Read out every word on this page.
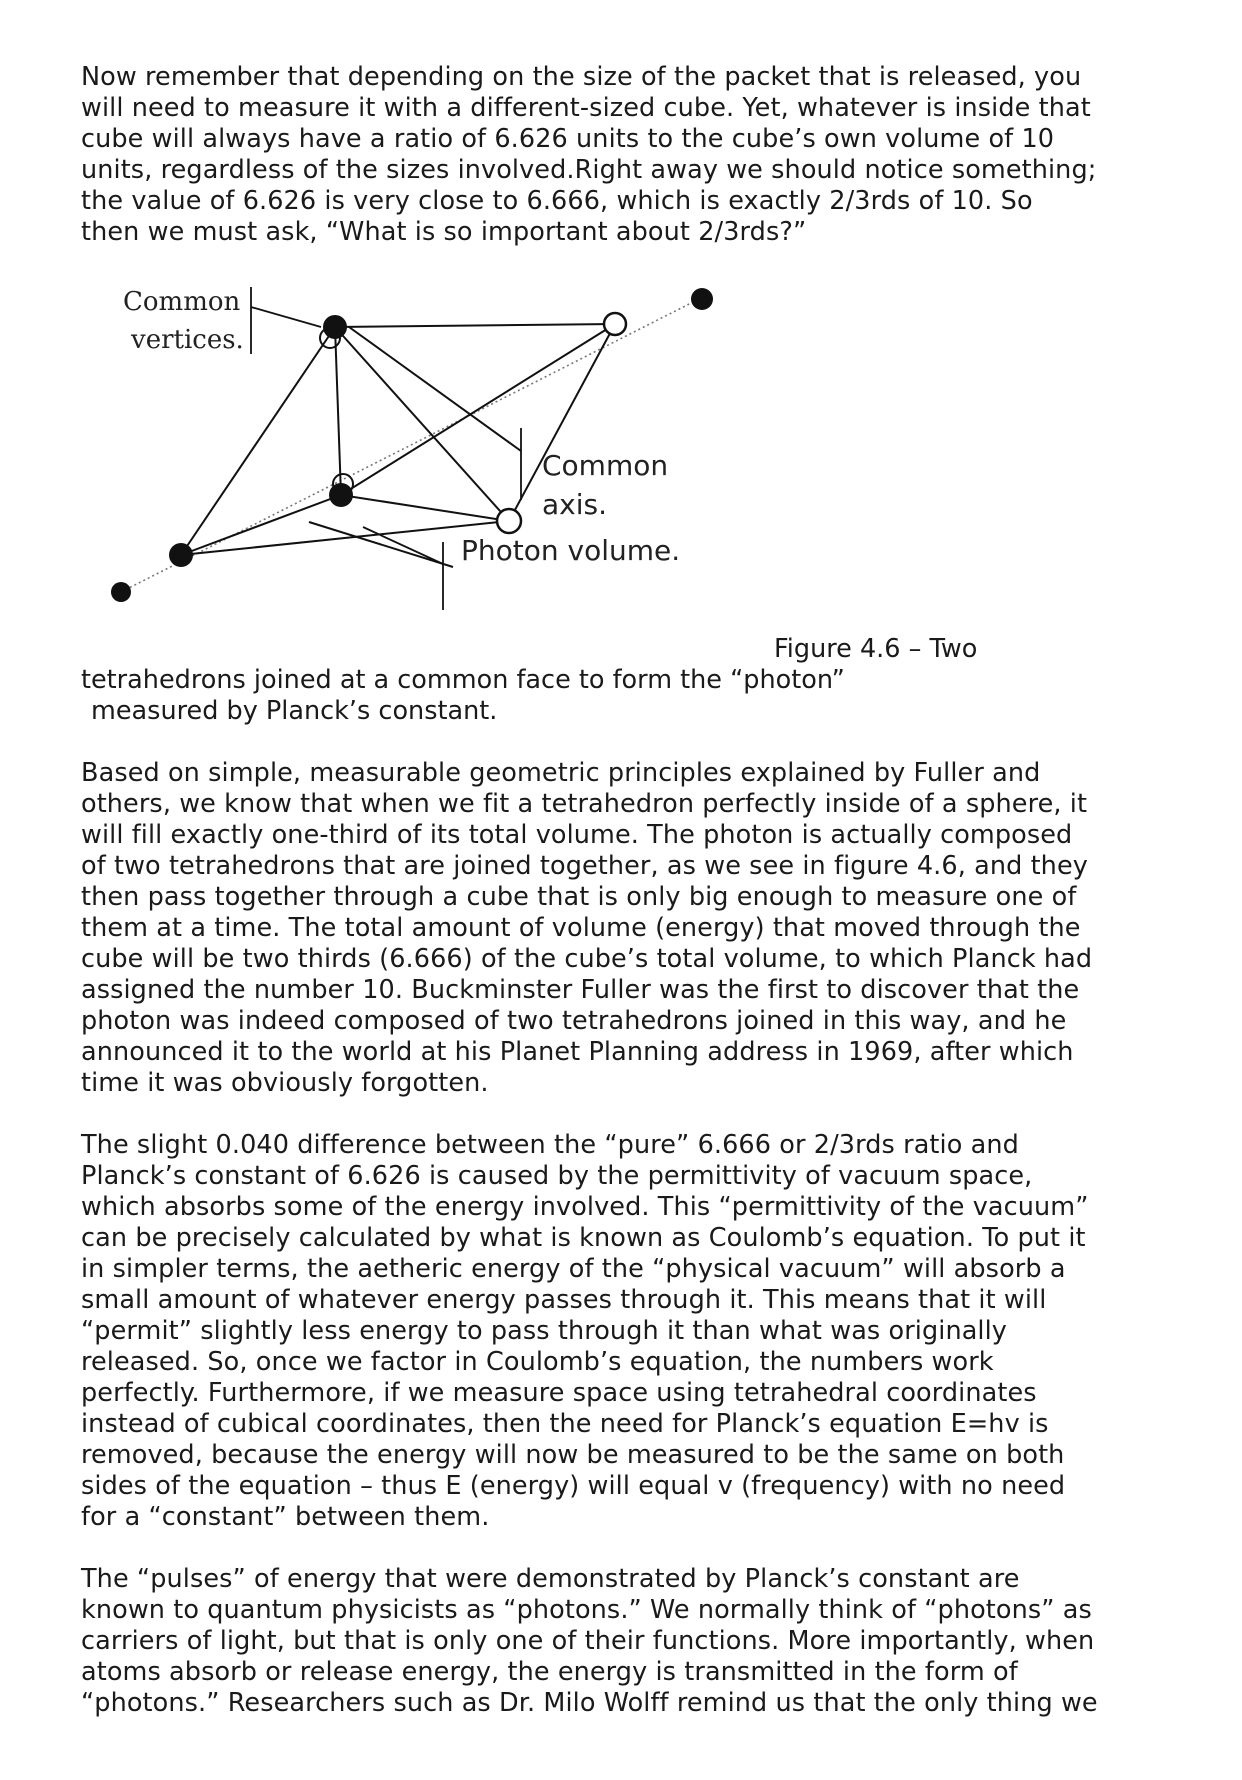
Now remember that depending on the size of the packet that is released, you
will need to measure it with a different-sized cube. Yet, whatever is inside that
cube will always have a ratio of 6.626 units to the cube’s own volume of 10
units, regardless of the sizes involved.Right away we should notice something;
the value of 6.626 is very close to 6.666, which is exactly 2/3rds of 10. So
then we must ask, “What is so important about 2/3rds?”

Common
vertices.
Common
axis.
Photon volume.

Figure 4.6 – Two
tetrahedrons joined at a common face to form the “photon”
measured by Planck’s constant.

Based on simple, measurable geometric principles explained by Fuller and
others, we know that when we fit a tetrahedron perfectly inside of a sphere, it
will fill exactly one-third of its total volume. The photon is actually composed
of two tetrahedrons that are joined together, as we see in figure 4.6, and they
then pass together through a cube that is only big enough to measure one of
them at a time. The total amount of volume (energy) that moved through the
cube will be two thirds (6.666) of the cube’s total volume, to which Planck had
assigned the number 10. Buckminster Fuller was the first to discover that the
photon was indeed composed of two tetrahedrons joined in this way, and he
announced it to the world at his Planet Planning address in 1969, after which
time it was obviously forgotten.

The slight 0.040 difference between the “pure” 6.666 or 2/3rds ratio and
Planck’s constant of 6.626 is caused by the permittivity of vacuum space,
which absorbs some of the energy involved. This “permittivity of the vacuum”
can be precisely calculated by what is known as Coulomb’s equation. To put it
in simpler terms, the aetheric energy of the “physical vacuum” will absorb a
small amount of whatever energy passes through it. This means that it will
“permit” slightly less energy to pass through it than what was originally
released. So, once we factor in Coulomb’s equation, the numbers work
perfectly. Furthermore, if we measure space using tetrahedral coordinates
instead of cubical coordinates, then the need for Planck’s equation E=hv is
removed, because the energy will now be measured to be the same on both
sides of the equation – thus E (energy) will equal v (frequency) with no need
for a “constant” between them.

The “pulses” of energy that were demonstrated by Planck’s constant are
known to quantum physicists as “photons.” We normally think of “photons” as
carriers of light, but that is only one of their functions. More importantly, when
atoms absorb or release energy, the energy is transmitted in the form of
“photons.” Researchers such as Dr. Milo Wolff remind us that the only thing we
